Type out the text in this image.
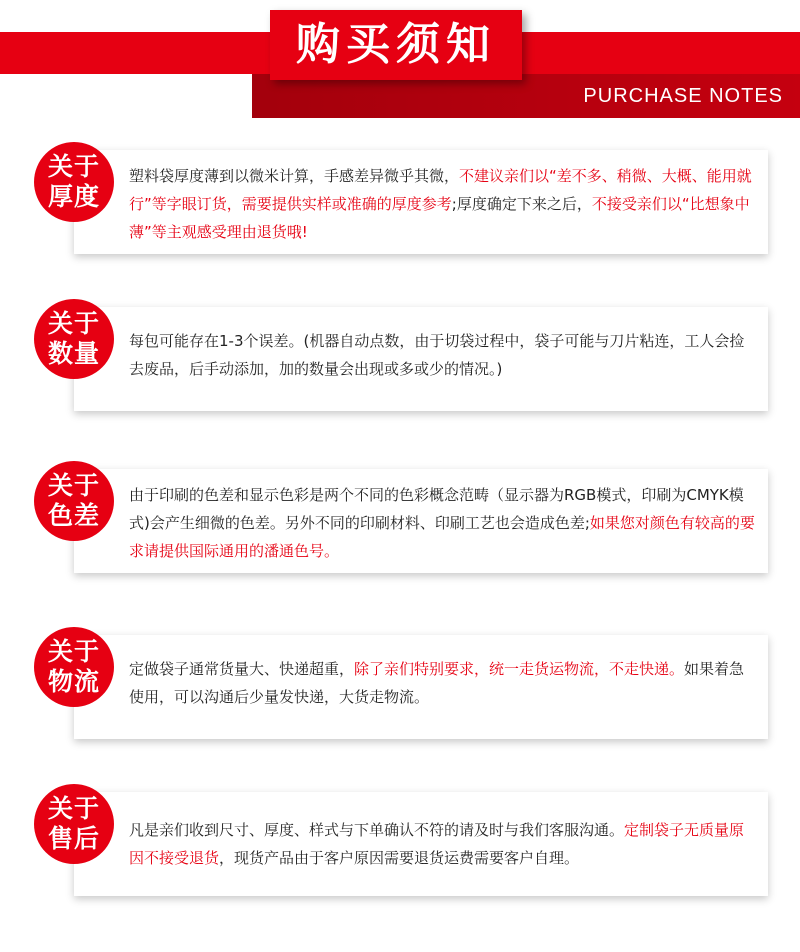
购买须知
PURCHASE NOTES
塑料袋厚度薄到以微米计算，手感差异微乎其微，不建议亲们以“差不多、稍微、大概、能用就行”等字眼订货，需要提供实样或准确的厚度参考;厚度确定下来之后，不接受亲们以“比想象中薄”等主观感受理由退货哦!
关于
厚度
每包可能存在1-3个误差。(机器自动点数，由于切袋过程中，袋子可能与刀片粘连，工人会捡去废品，后手动添加，加的数量会出现或多或少的情况。)
关于
数量
由于印刷的色差和显示色彩是两个不同的色彩概念范畴（显示器为RGB模式，印刷为CMYK模式)会产生细微的色差。另外不同的印刷材料、印刷工艺也会造成色差;如果您对颜色有较高的要求请提供国际通用的潘通色号。
关于
色差
定做袋子通常货量大、快递超重，除了亲们特别要求，统一走货运物流，不走快递。如果着急使用，可以沟通后少量发快递，大货走物流。
关于
物流
凡是亲们收到尺寸、厚度、样式与下单确认不符的请及时与我们客服沟通。定制袋子无质量原因不接受退货，现货产品由于客户原因需要退货运费需要客户自理。
关于
售后
